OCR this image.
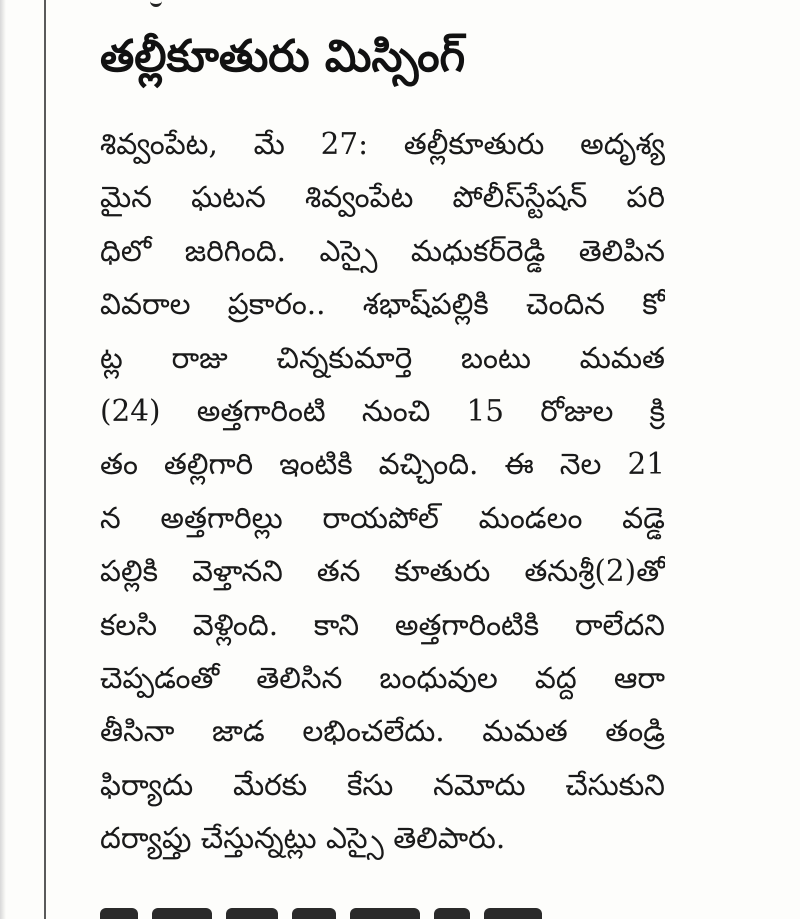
తల్లీకూతురు మిస్సింగ్
శివ్వంపేట, మే 27: తల్లీకూతురు అదృశ్య
మైన ఘటన శివ్వంపేట పోలీస్‌స్టేషన్ పరి
ధిలో జరిగింది. ఎస్సై మధుకర్‌రెడ్డి తెలిపిన
వివరాల ప్రకారం.. శభాష్‌పల్లికి చెందిన కో
ట్ల రాజు చిన్నకుమార్తె బంటు మమత
(24) అత్తగారింటి నుంచి 15 రోజుల క్రి
తం తల్లిగారి ఇంటికి వచ్చింది. ఈ నెల 21
న అత్తగారిల్లు రాయపోల్ మండలం వడ్డె
పల్లికి వెళ్తానని తన కూతురు తనుశ్రీ(2)తో
కలసి వెళ్లింది. కాని అత్తగారింటికి రాలేదని
చెప్పడంతో తెలిసిన బంధువుల వద్ద ఆరా
తీసినా జాడ లభించలేదు. మమత తండ్రి
ఫిర్యాదు మేరకు కేసు నమోదు చేసుకుని
దర్యాప్తు చేస్తున్నట్లు ఎస్సై తెలిపారు.
